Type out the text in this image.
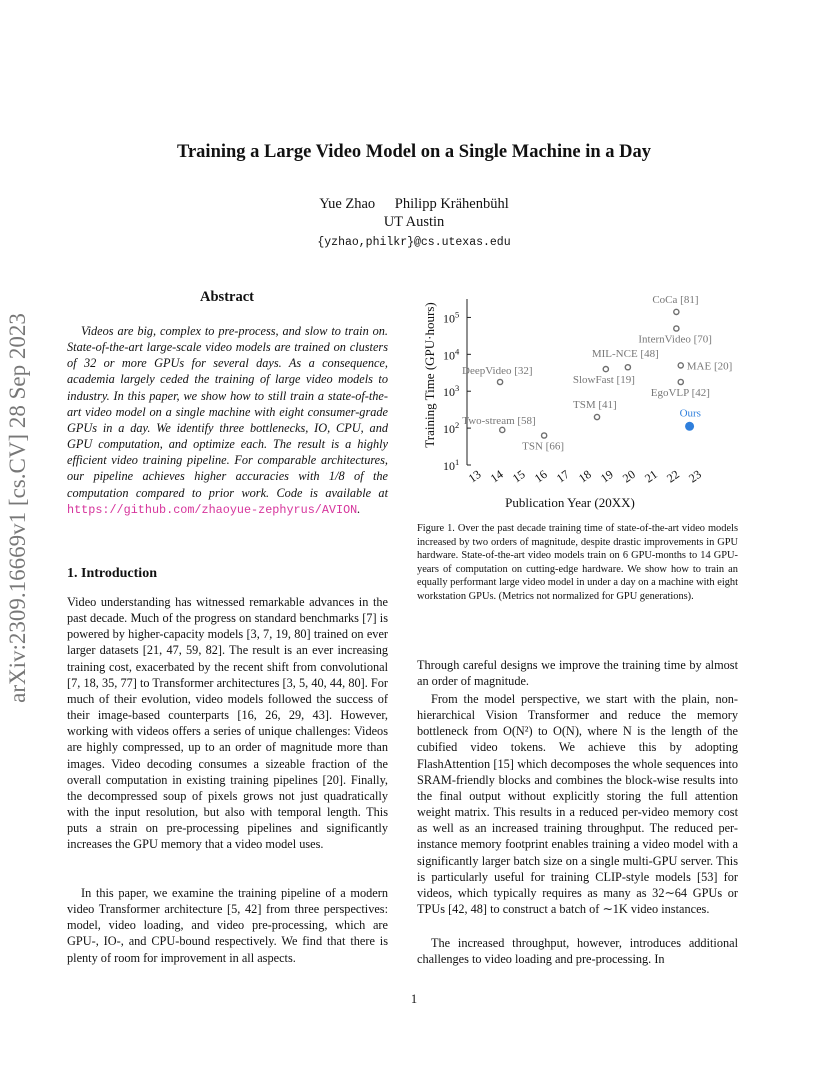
arXiv:2309.16669v1 [cs.CV] 28 Sep 2023
Training a Large Video Model on a Single Machine in a Day
Yue Zhao Philipp Krähenbühl
UT Austin
{yzhao,philkr}@cs.utexas.edu
Abstract
Videos are big, complex to pre-process, and slow to train on. State-of-the-art large-scale video models are trained on clusters of 32 or more GPUs for several days. As a consequence, academia largely ceded the training of large video models to industry. In this paper, we show how to still train a state-of-the-art video model on a single machine with eight consumer-grade GPUs in a day. We identify three bottlenecks, IO, CPU, and GPU computation, and optimize each. The result is a highly efficient video training pipeline. For comparable architectures, our pipeline achieves higher accuracies with 1/8 of the computation compared to prior work. Code is available at https://github.com/zhaoyue-zephyrus/AVION.
1. Introduction
Video understanding has witnessed remarkable advances in the past decade. Much of the progress on standard benchmarks [7] is powered by higher-capacity models [3, 7, 19, 80] trained on ever larger datasets [21, 47, 59, 82]. The result is an ever increasing training cost, exacerbated by the recent shift from convolutional [7, 18, 35, 77] to Transformer architectures [3, 5, 40, 44, 80]. For much of their evolution, video models followed the success of their image-based counterparts [16, 26, 29, 43]. However, working with videos offers a series of unique challenges: Videos are highly compressed, up to an order of magnitude more than images. Video decoding consumes a sizeable fraction of the overall computation in existing training pipelines [20]. Finally, the decompressed soup of pixels grows not just quadratically with the input resolution, but also with temporal length. This puts a strain on pre-processing pipelines and significantly increases the GPU memory that a video model uses.
In this paper, we examine the training pipeline of a modern video Transformer architecture [5, 42] from three perspectives: model, video loading, and video pre-processing, which are GPU-, IO-, and CPU-bound respectively. We find that there is plenty of room for improvement in all aspects.
$10^1$
$10^2$
$10^3$
$10^4$
$10^5$
13 14 15 16 17 18 19 20 21 22 23
DeepVideo [32]
Two-stream [58]
TSN [66]
TSM [41]
SlowFast [19]
MIL-NCE [48]
CoCa [81]
InternVideo [70]
MAE [20]
EgoVLP [42]
Ours
Publication Year (20XX)
Training Time (GPU·hours)
Figure 1. Over the past decade training time of state-of-the-art video models increased by two orders of magnitude, despite drastic improvements in GPU hardware. State-of-the-art video models train on 6 GPU-months to 14 GPU-years of computation on cutting-edge hardware. We show how to train an equally performant large video model in under a day on a machine with eight workstation GPUs. (Metrics not normalized for GPU generations).
Through careful designs we improve the training time by almost an order of magnitude.
From the model perspective, we start with the plain, non-hierarchical Vision Transformer and reduce the memory bottleneck from O(N²) to O(N), where N is the length of the cubified video tokens. We achieve this by adopting FlashAttention [15] which decomposes the whole sequences into SRAM-friendly blocks and combines the block-wise results into the final output without explicitly storing the full attention weight matrix. This results in a reduced per-video memory cost as well as an increased training throughput. The reduced per-instance memory footprint enables training a video model with a significantly larger batch size on a single multi-GPU server. This is particularly useful for training CLIP-style models [53] for videos, which typically requires as many as 32∼64 GPUs or TPUs [42, 48] to construct a batch of ∼1K video instances.
The increased throughput, however, introduces additional challenges to video loading and pre-processing. In
1
